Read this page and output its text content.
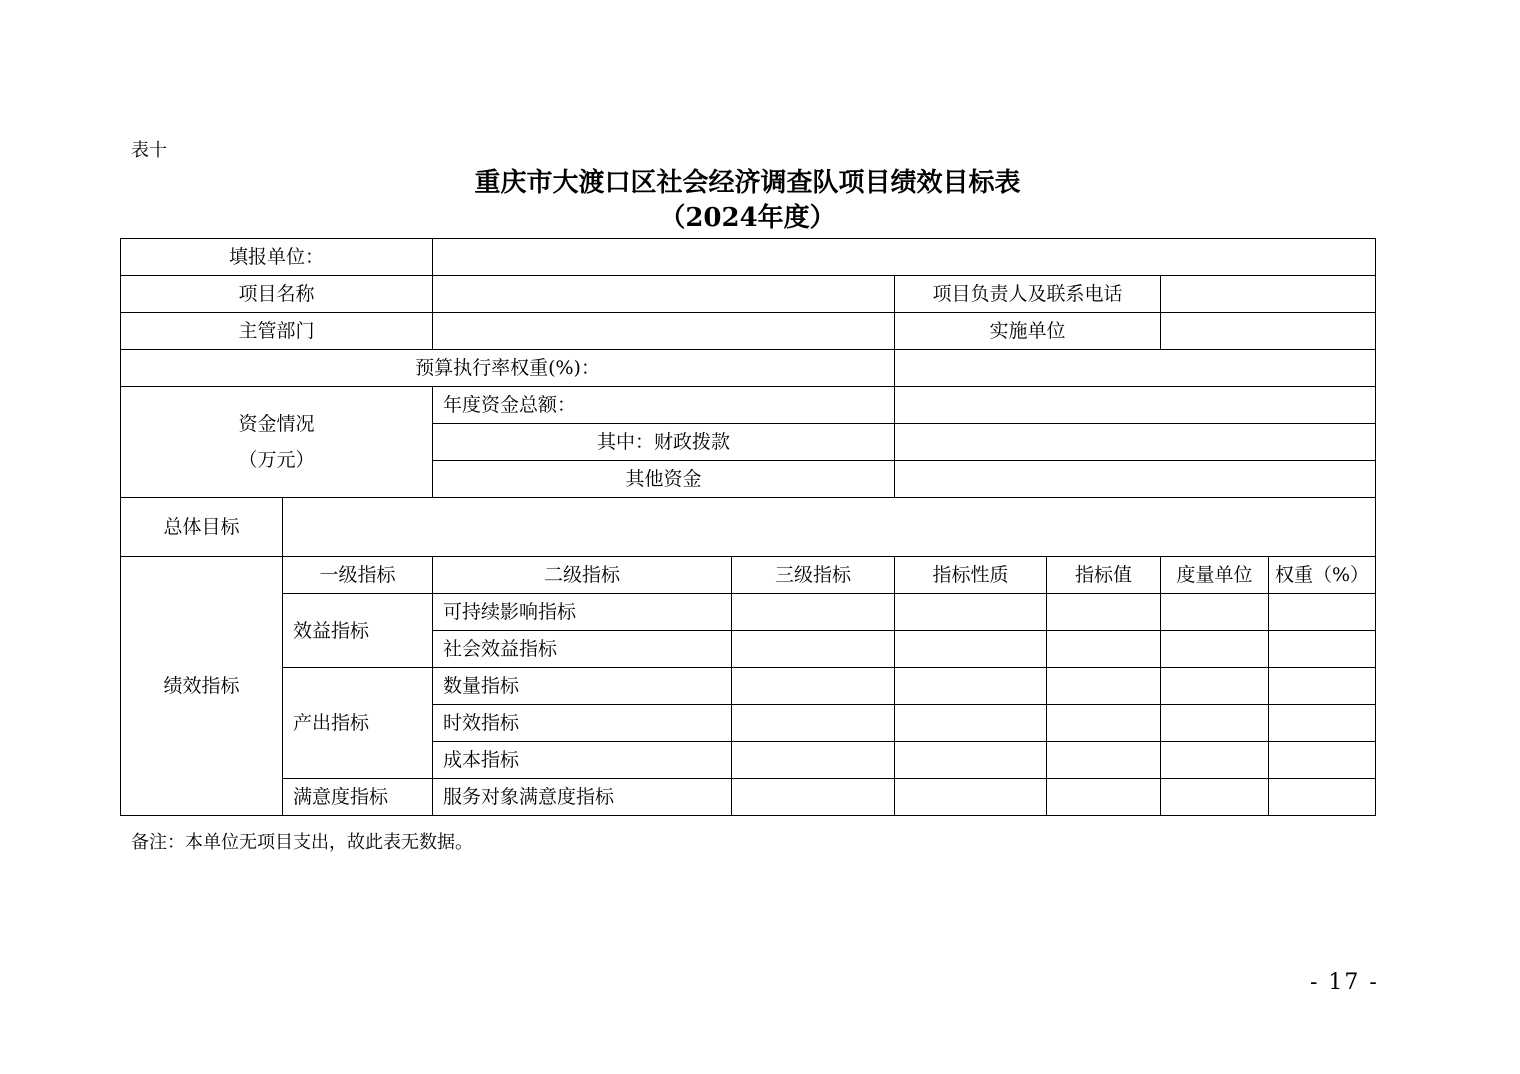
表十
重庆市大渡口区社会经济调查队项目绩效目标表
（2024年度）
填报单位：							
项目名称				项目负责人及联系电话			
主管部门				实施单位			
预算执行率权重(%)：							

资金情况
（万元）		年度资金总额：					
		其中：财政拨款					
		其他资金					
总体目标							
绩效指标	一级指标	二级指标	三级指标	指标性质	指标值	度量单位	权重（%）
	效益指标	可持续影响指标					
		社会效益指标					
	产出指标	数量指标					
		时效指标					
		成本指标					
	满意度指标	服务对象满意度指标					
备注：本单位无项目支出，故此表无数据。
- 17 -
